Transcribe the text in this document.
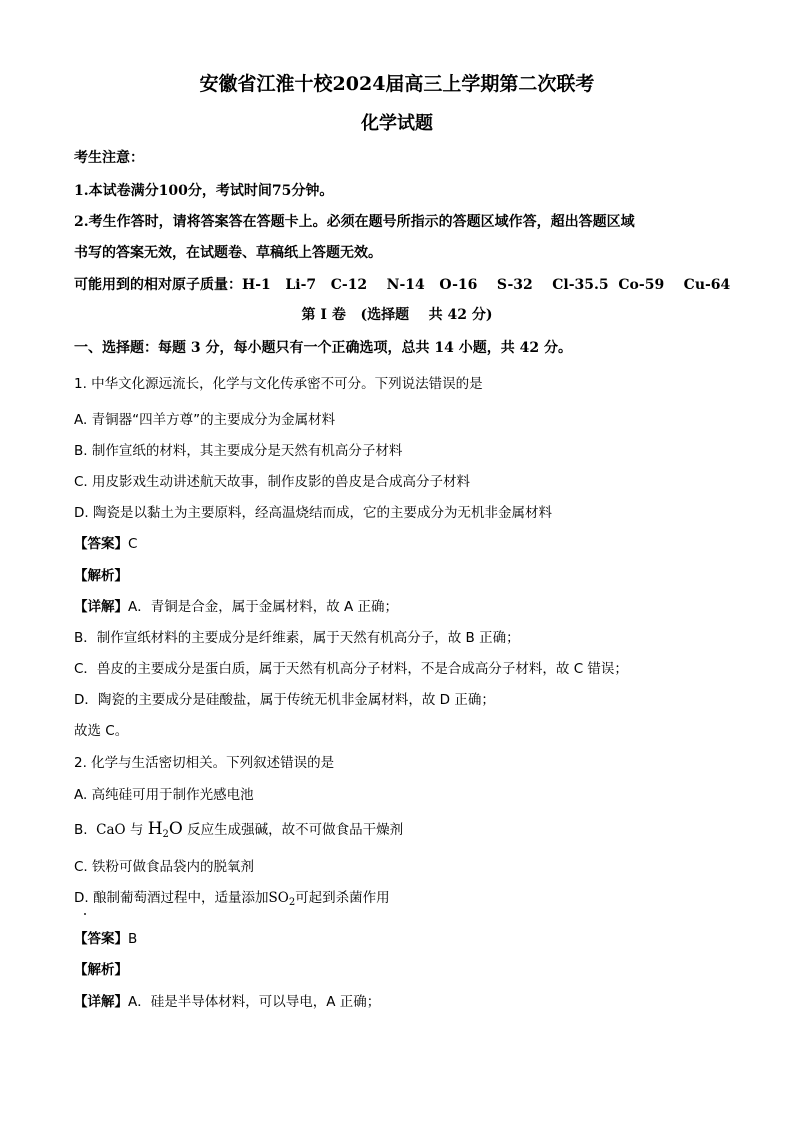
安徽省江淮十校2024届高三上学期第二次联考
化学试题
考生注意：
1.本试卷满分100分，考试时间75分钟。
2.考生作答时，请将答案答在答题卡上。必须在题号所指示的答题区域作答，超出答题区域
书写的答案无效，在试题卷、草稿纸上答题无效。
可能用到的相对原子质量：H-1   Li-7   C-12    N-14   O-16    S-32    Cl-35.5  Co-59    Cu-64
第 I 卷   (选择题    共 42 分)
一、选择题：每题 3 分，每小题只有一个正确选项，总共 14 小题，共 42 分。
1. 中华文化源远流长，化学与文化传承密不可分。下列说法错误的是
A. 青铜器“四羊方尊”的主要成分为金属材料
B. 制作宣纸的材料，其主要成分是天然有机高分子材料
C. 用皮影戏生动讲述航天故事，制作皮影的兽皮是合成高分子材料
D. 陶瓷是以黏土为主要原料，经高温烧结而成，它的主要成分为无机非金属材料
【答案】C
【解析】
【详解】A．青铜是合金，属于金属材料，故 A 正确；
B．制作宣纸材料的主要成分是纤维素，属于天然有机高分子，故 B 正确；
C．兽皮的主要成分是蛋白质，属于天然有机高分子材料，不是合成高分子材料，故 C 错误；
D．陶瓷的主要成分是硅酸盐，属于传统无机非金属材料，故 D 正确；
故选 C。
2. 化学与生活密切相关。下列叙述错误的是
A. 高纯硅可用于制作光感电池
B.  CaO 与 $H_2O$ 反应生成强碱，故不可做食品干燥剂
C. 铁粉可做食品袋内的脱氧剂
D. 酿制葡萄酒过程中，适量添加$SO_2$可起到杀菌作用
【答案】B
【解析】
【详解】A．硅是半导体材料，可以导电，A 正确；
